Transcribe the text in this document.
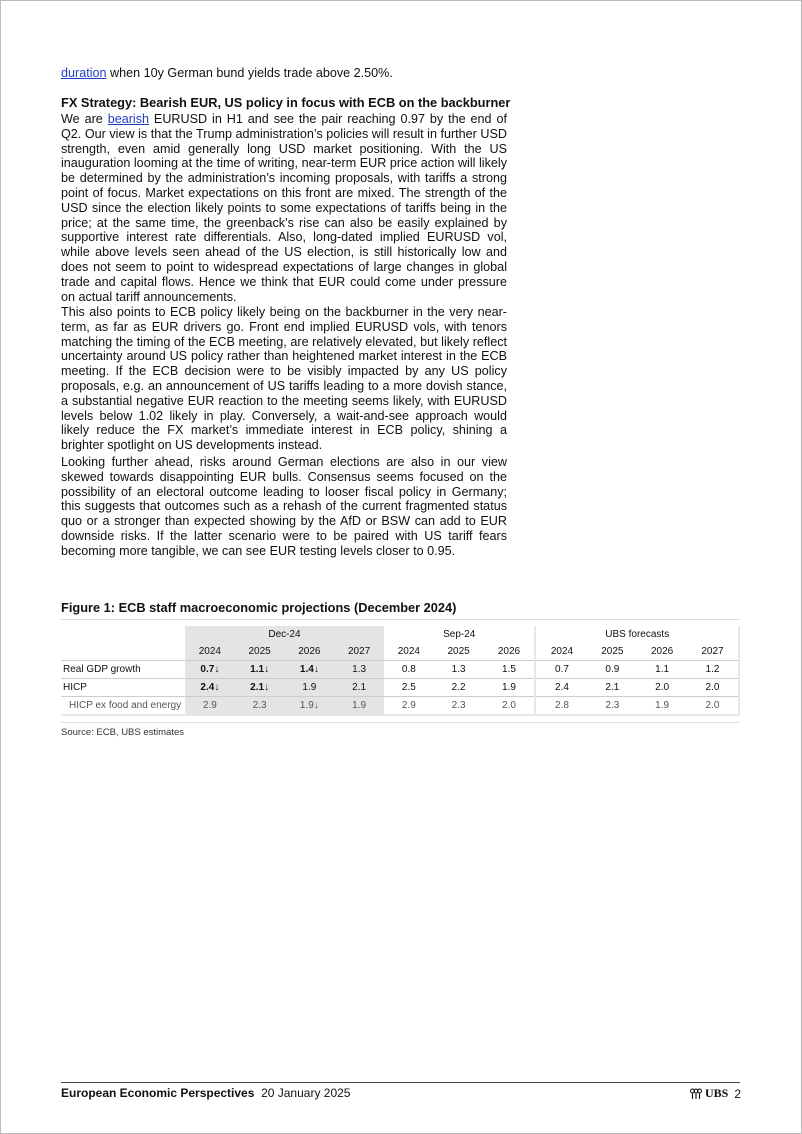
duration when 10y German bund yields trade above 2.50%.

FX Strategy: Bearish EUR, US policy in focus with ECB on the backburner

We are bearish EURUSD in H1 and see the pair reaching 0.97 by the end of Q2. Our view is that the Trump administration’s policies will result in further USD strength, even amid generally long USD market positioning. With the US inauguration looming at the time of writing, near-term EUR price action will likely be determined by the administration’s incoming proposals, with tariffs a strong point of focus. Market expectations on this front are mixed. The strength of the USD since the election likely points to some expectations of tariffs being in the price; at the same time, the greenback’s rise can also be easily explained by supportive interest rate differentials. Also, long-dated implied EURUSD vol, while above levels seen ahead of the US election, is still historically low and does not seem to point to widespread expectations of large changes in global trade and capital flows. Hence we think that EUR could come under pressure on actual tariff announcements.

This also points to ECB policy likely being on the backburner in the very near-term, as far as EUR drivers go. Front end implied EURUSD vols, with tenors matching the timing of the ECB meeting, are relatively elevated, but likely reflect uncertainty around US policy rather than heightened market interest in the ECB meeting. If the ECB decision were to be visibly impacted by any US policy proposals, e.g. an announcement of US tariffs leading to a more dovish stance, a substantial negative EUR reaction to the meeting seems likely, with EURUSD levels below 1.02 likely in play. Conversely, a wait-and-see approach would likely reduce the FX market’s immediate interest in ECB policy, shining a brighter spotlight on US developments instead.

Looking further ahead, risks around German elections are also in our view skewed towards disappointing EUR bulls. Consensus seems focused on the possibility of an electoral outcome leading to looser fiscal policy in Germany; this suggests that outcomes such as a rehash of the current fragmented status quo or a stronger than expected showing by the AfD or BSW can add to EUR downside risks. If the latter scenario were to be paired with US tariff fears becoming more tangible, we can see EUR testing levels closer to 0.95.

Figure 1: ECB staff macroeconomic projections (December 2024)
	Dec-24				Sep-24			UBS forecasts			
	2024	2025	2026	2027	2024	2025	2026	2024	2025	2026	2027
Real GDP growth	0.7↓	1.1↓	1.4↓	1.3	0.8	1.3	1.5	0.7	0.9	1.1	1.2
HICP	2.4↓	2.1↓	1.9	2.1	2.5	2.2	1.9	2.4	2.1	2.0	2.0
HICP ex food and energy	2.9	2.3	1.9↓	1.9	2.9	2.3	2.0	2.8	2.3	1.9	2.0
Source: ECB, UBS estimates
European Economic Perspectives 20 January 2025	UBS 2
